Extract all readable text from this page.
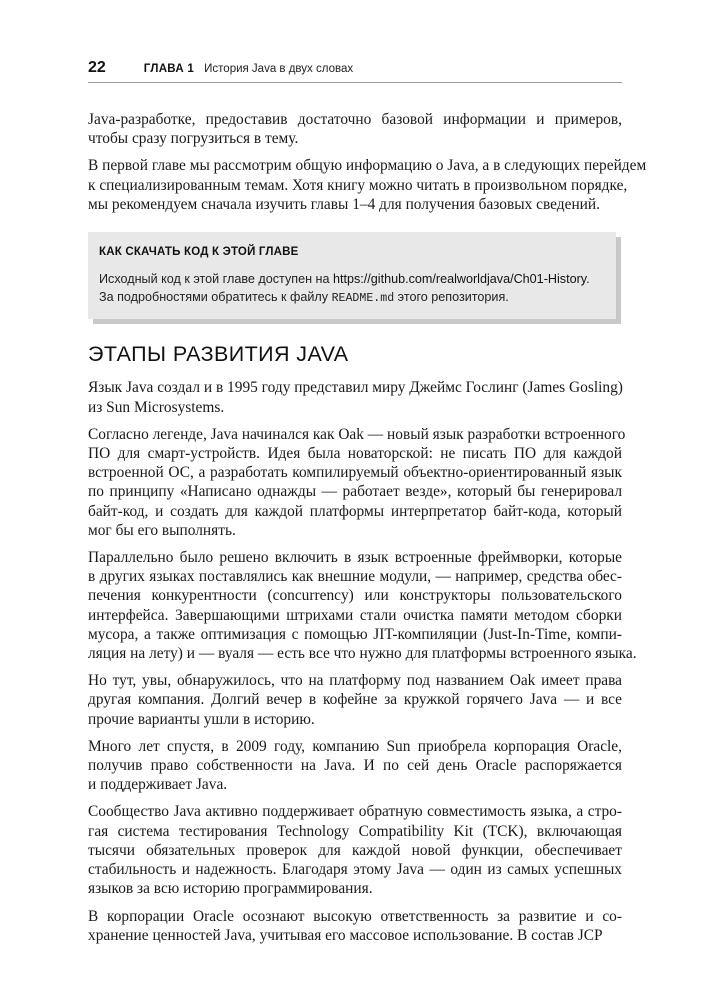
22	ГЛАВА 1 История Java в двух словах

Java-разработке, предоставив достаточно базовой информации и примеров,
чтобы сразу погрузиться в тему.

В первой главе мы рассмотрим общую информацию о Java, а в следующих перейдем
к специализированным темам. Хотя книгу можно читать в произвольном порядке,
мы рекомендуем сначала изучить главы 1–4 для получения базовых сведений.

КАК СКАЧАТЬ КОД К ЭТОЙ ГЛАВЕ
Исходный код к этой главе доступен на https://github.com/realworldjava/Ch01-History.
За подробностями обратитесь к файлу README.md этого репозитория.
ЭТАПЫ РАЗВИТИЯ JAVA

Язык Java создал и в 1995 году представил миру Джеймс Гослинг (James Gosling)
из Sun Microsystems.

Согласно легенде, Java начинался как Oak — новый язык разработки встроенного
ПО для смарт-устройств. Идея была новаторской: не писать ПО для каждой
встроенной ОС, а разработать компилируемый объектно-ориентированный язык
по принципу «Написано однажды — работает везде», который бы генерировал
байт-код, и создать для каждой платформы интерпретатор байт-кода, который
мог бы его выполнять.

Параллельно было решено включить в язык встроенные фреймворки, которые
в других языках поставлялись как внешние модули, — например, средства обес-
печения конкурентности (concurrency) или конструкторы пользовательского
интерфейса. Завершающими штрихами стали очистка памяти методом сборки
мусора, а также оптимизация с помощью JIT-компиляции (Just-In-Time, компи-
ляция на лету) и — вуаля — есть все что нужно для платформы встроенного языка.

Но тут, увы, обнаружилось, что на платформу под названием Oak имеет права
другая компания. Долгий вечер в кофейне за кружкой горячего Java — и все
прочие варианты ушли в историю.

Много лет спустя, в 2009 году, компанию Sun приобрела корпорация Oracle,
получив право собственности на Java. И по сей день Oracle распоряжается
и поддерживает Java.

Сообщество Java активно поддерживает обратную совместимость языка, а стро-
гая система тестирования Technology Compatibility Kit (TCK), включающая
тысячи обязательных проверок для каждой новой функции, обеспечивает
стабильность и надежность. Благодаря этому Java — один из самых успешных
языков за всю историю программирования.

В корпорации Oracle осознают высокую ответственность за развитие и со-
хранение ценностей Java, учитывая его массовое использование. В состав JCP
